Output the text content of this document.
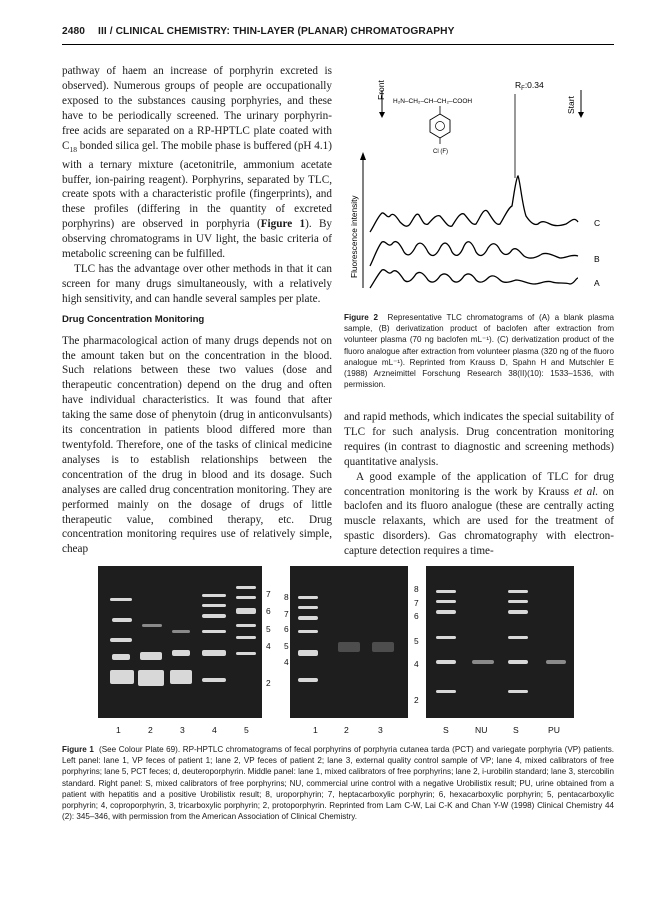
2480 III / CLINICAL CHEMISTRY: THIN-LAYER (PLANAR) CHROMATOGRAPHY

pathway of haem an increase of porphyrin excreted is observed). Numerous groups of people are occupationally exposed to the substances causing porphyries, and these have to be periodically screened. The urinary porphyrin-free acids are separated on a RP-HPTLC plate coated with $C_{18}$ bonded silica gel. The mobile phase is buffered (pH 4.1) with a ternary mixture (acetonitrile, ammonium acetate buffer, ion-pairing reagent). Porphyrins, separated by TLC, create spots with a characteristic profile (fingerprints), and these profiles (differing in the quantity of excreted porphyrins) are observed in porphyria (Figure 1). By observing chromatograms in UV light, the basic criteria of metabolic screening can be fulfilled.

TLC has the advantage over other methods in that it can screen for many drugs simultaneously, with a relatively high sensitivity, and can handle several samples per plate.

Drug Concentration Monitoring

The pharmacological action of many drugs depends not on the amount taken but on the concentration in the blood. Such relations between these two values (dose and therapeutic concentration) depend on the drug and often have individual characteristics. It was found that after taking the same dose of phenytoin (drug in anticonvulsants) its concentration in patients blood differed more than twentyfold. Therefore, one of the tasks of clinical medicine analyses is to establish relationships between the concentration of the drug in blood and its dosage. Such analyses are called drug concentration monitoring. They are performed mainly on the dosage of drugs of little therapeutic value, combined therapy, etc. Drug concentration monitoring requires use of relatively simple, cheap

Front
Start
$R_F:0.34$
H₂N–CH₂–CH–CH₂–COOH
Cl (F)
Fluorescence intensity	C
B
A
Figure 2 Representative TLC chromatograms of (A) a blank plasma sample, (B) derivatization product of baclofen after extraction from volunteer plasma (70 ng baclofen mL⁻¹). (C) derivatization product of the fluoro analogue after extraction from volunteer plasma (320 ng of the fluoro analogue mL⁻¹). Reprinted from Krauss D, Spahn H and Mutschler E (1988) Arzneimittel Forschung Research 38(II)(10): 1533–1536, with permission.

and rapid methods, which indicates the special suitability of TLC for such analysis. Drug concentration monitoring requires (in contrast to diagnostic and screening methods) quantitative analysis.

A good example of the application of TLC for drug concentration monitoring is the work by Krauss et al. on baclofen and its fluoro analogue (these are centrally acting muscle relaxants, which are used for the treatment of spastic disorders). Gas chromatography with electron-capture detection requires a time-

7
6
5
4
2
8
7
6
5
4
8
7
6
5
4
2
1	2	3	4	5	1	2	3	S	NU	S	PU
Figure 1 (See Colour Plate 69). RP-HPTLC chromatograms of fecal porphyrins of porphyria cutanea tarda (PCT) and variegate porphyria (VP) patients. Left panel: lane 1, VP feces of patient 1; lane 2, VP feces of patient 2; lane 3, external quality control sample of VP; lane 4, mixed calibrators of free porphyrins; lane 5, PCT feces; d, deuteroporphyrin. Middle panel: lane 1, mixed calibrators of free porphyrins; lane 2, i-urobilin standard; lane 3, stercobilin standard. Right panel: S, mixed calibrators of free porphyrins; NU, commercial urine control with a negative Urobilistix result; PU, urine obtained from a patient with hepatitis and a positive Urobilistix result; 8, uroporphyrin; 7, heptacarboxylic porphyrin; 6, hexacarboxylic porphyrin; 5, pentacarboxylic porphyrin; 4, coproporphyrin, 3, tricarboxylic porphyrin; 2, protoporphyrin. Reprinted from Lam C-W, Lai C-K and Chan Y-W (1998) Clinical Chemistry 44 (2): 345–346, with permission from the American Association of Clinical Chemistry.
